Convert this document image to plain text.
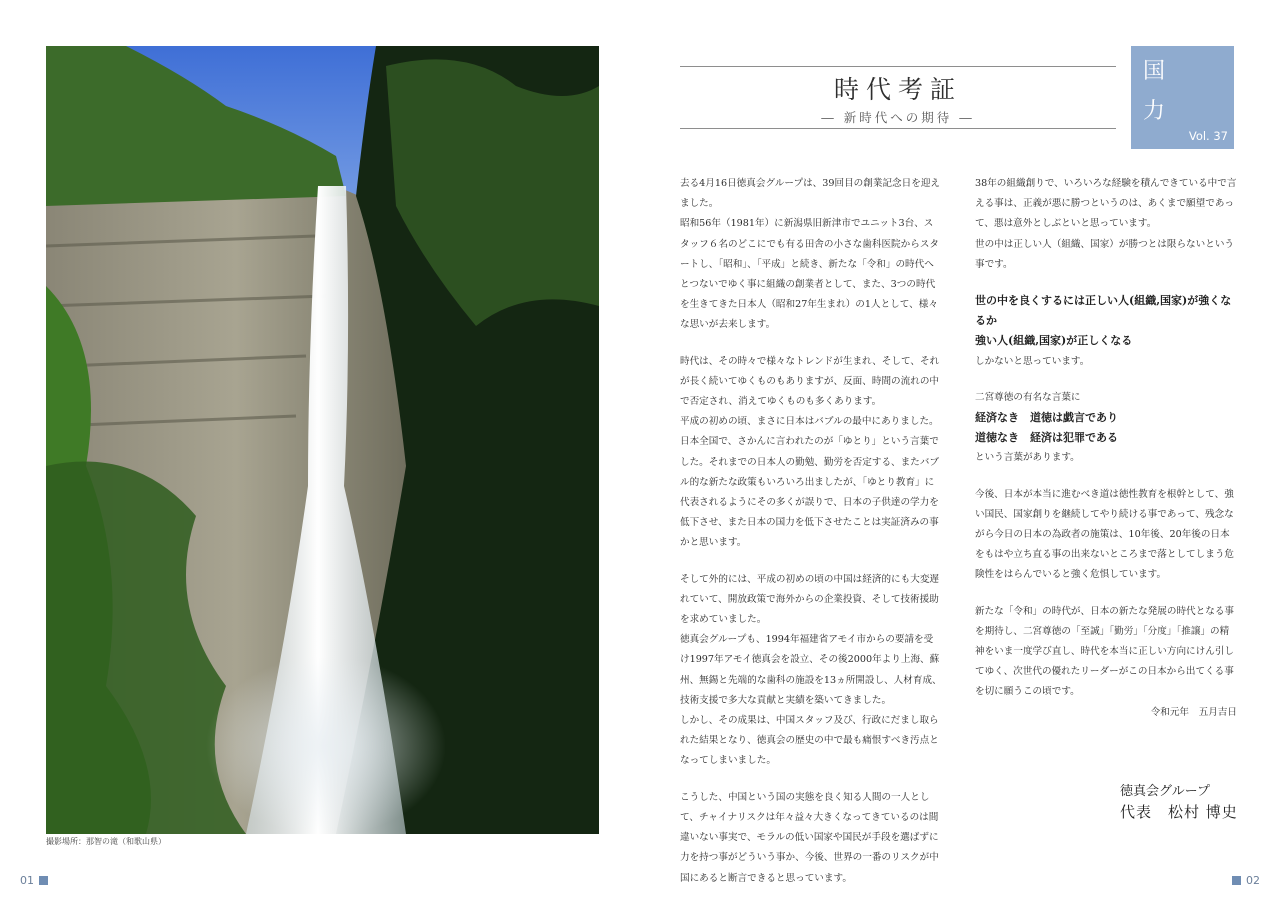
撮影場所：那智の滝（和歌山県）
01	02
時代考証
― 新時代への期待 ―
国
力
Vol. 37

去る4月16日徳真会グループは、39回目の創業記念日を迎えました。

昭和56年（1981年）に新潟県旧新津市でユニット3台、スタッフ６名のどこにでも有る田舎の小さな歯科医院からスタートし、「昭和」、「平成」と続き、新たな「令和」の時代へとつないでゆく事に組織の創業者として、また、3つの時代を生きてきた日本人（昭和27年生まれ）の1人として、様々な思いが去来します。

時代は、その時々で様々なトレンドが生まれ、そして、それが長く続いてゆくものもありますが、反面、時間の流れの中で否定され、消えてゆくものも多くあります。

平成の初めの頃、まさに日本はバブルの最中にありました。

日本全国で、さかんに言われたのが「ゆとり」という言葉でした。それまでの日本人の勤勉、勤労を否定する、またバブル的な新たな政策もいろいろ出ましたが、「ゆとり教育」に代表されるようにその多くが誤りで、日本の子供達の学力を低下させ、また日本の国力を低下させたことは実証済みの事かと思います。

そして外的には、平成の初めの頃の中国は経済的にも大変遅れていて、開放政策で海外からの企業投資、そして技術援助を求めていました。

徳真会グループも、1994年福建省アモイ市からの要請を受け1997年アモイ徳真会を設立、その後2000年より上海、蘇州、無錫と先端的な歯科の施設を13ヵ所開設し、人材育成、技術支援で多大な貢献と実績を築いてきました。

しかし、その成果は、中国スタッフ及び、行政にだまし取られた結果となり、徳真会の歴史の中で最も痛恨すべき汚点となってしまいました。

こうした、中国という国の実態を良く知る人間の一人として、チャイナリスクは年々益々大きくなってきているのは間違いない事実で、モラルの低い国家や国民が手段を選ばずに力を持つ事がどういう事か、今後、世界の一番のリスクが中国にあると断言できると思っています。

38年の組織創りで、いろいろな経験を積んできている中で言える事は、正義が悪に勝つというのは、あくまで願望であって、悪は意外としぶといと思っています。

世の中は正しい人（組織、国家）が勝つとは限らないという事です。

世の中を良くするには正しい人(組織,国家)が強くなるか

強い人(組織,国家)が正しくなる

しかないと思っています。

二宮尊徳の有名な言葉に

経済なき　道徳は戯言であり

道徳なき　経済は犯罪である

という言葉があります。

今後、日本が本当に進むべき道は徳性教育を根幹として、強い国民、国家創りを継続してやり続ける事であって、残念ながら今日の日本の為政者の施策は、10年後、20年後の日本をもはや立ち直る事の出来ないところまで落としてしまう危険性をはらんでいると強く危惧しています。

新たな「令和」の時代が、日本の新たな発展の時代となる事を期待し、二宮尊徳の「至誠」「勤労」「分度」「推譲」の精神をいま一度学び直し、時代を本当に正しい方向にけん引してゆく、次世代の優れたリーダーがこの日本から出てくる事を切に願うこの頃です。

令和元年　五月吉日

徳真会グループ
代表　松村 博史
